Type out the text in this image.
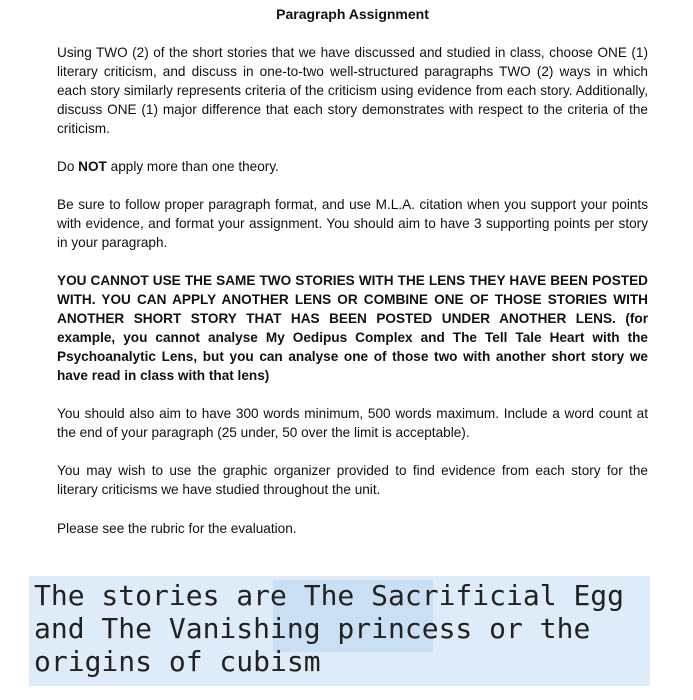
Paragraph Assignment

Using TWO (2) of the short stories that we have discussed and studied in class, choose ONE (1) literary criticism, and discuss in one-to-two well-structured paragraphs TWO (2) ways in which each story similarly represents criteria of the criticism using evidence from each story. Additionally, discuss ONE (1) major difference that each story demonstrates with respect to the criteria of the criticism.

Do NOT apply more than one theory.

Be sure to follow proper paragraph format, and use M.L.A. citation when you support your points with evidence, and format your assignment. You should aim to have 3 supporting points per story in your paragraph.

YOU CANNOT USE THE SAME TWO STORIES WITH THE LENS THEY HAVE BEEN POSTED WITH. YOU CAN APPLY ANOTHER LENS OR COMBINE ONE OF THOSE STORIES WITH ANOTHER SHORT STORY THAT HAS BEEN POSTED UNDER ANOTHER LENS. (for example, you cannot analyse My Oedipus Complex and The Tell Tale Heart with the Psychoanalytic Lens, but you can analyse one of those two with another short story we have read in class with that lens)

You should also aim to have 300 words minimum, 500 words maximum. Include a word count at the end of your paragraph (25 under, 50 over the limit is acceptable).

You may wish to use the graphic organizer provided to find evidence from each story for the literary criticisms we have studied throughout the unit.

Please see the rubric for the evaluation.

The stories are The Sacrificial Egg and The Vanishing princess or the origins of cubism
